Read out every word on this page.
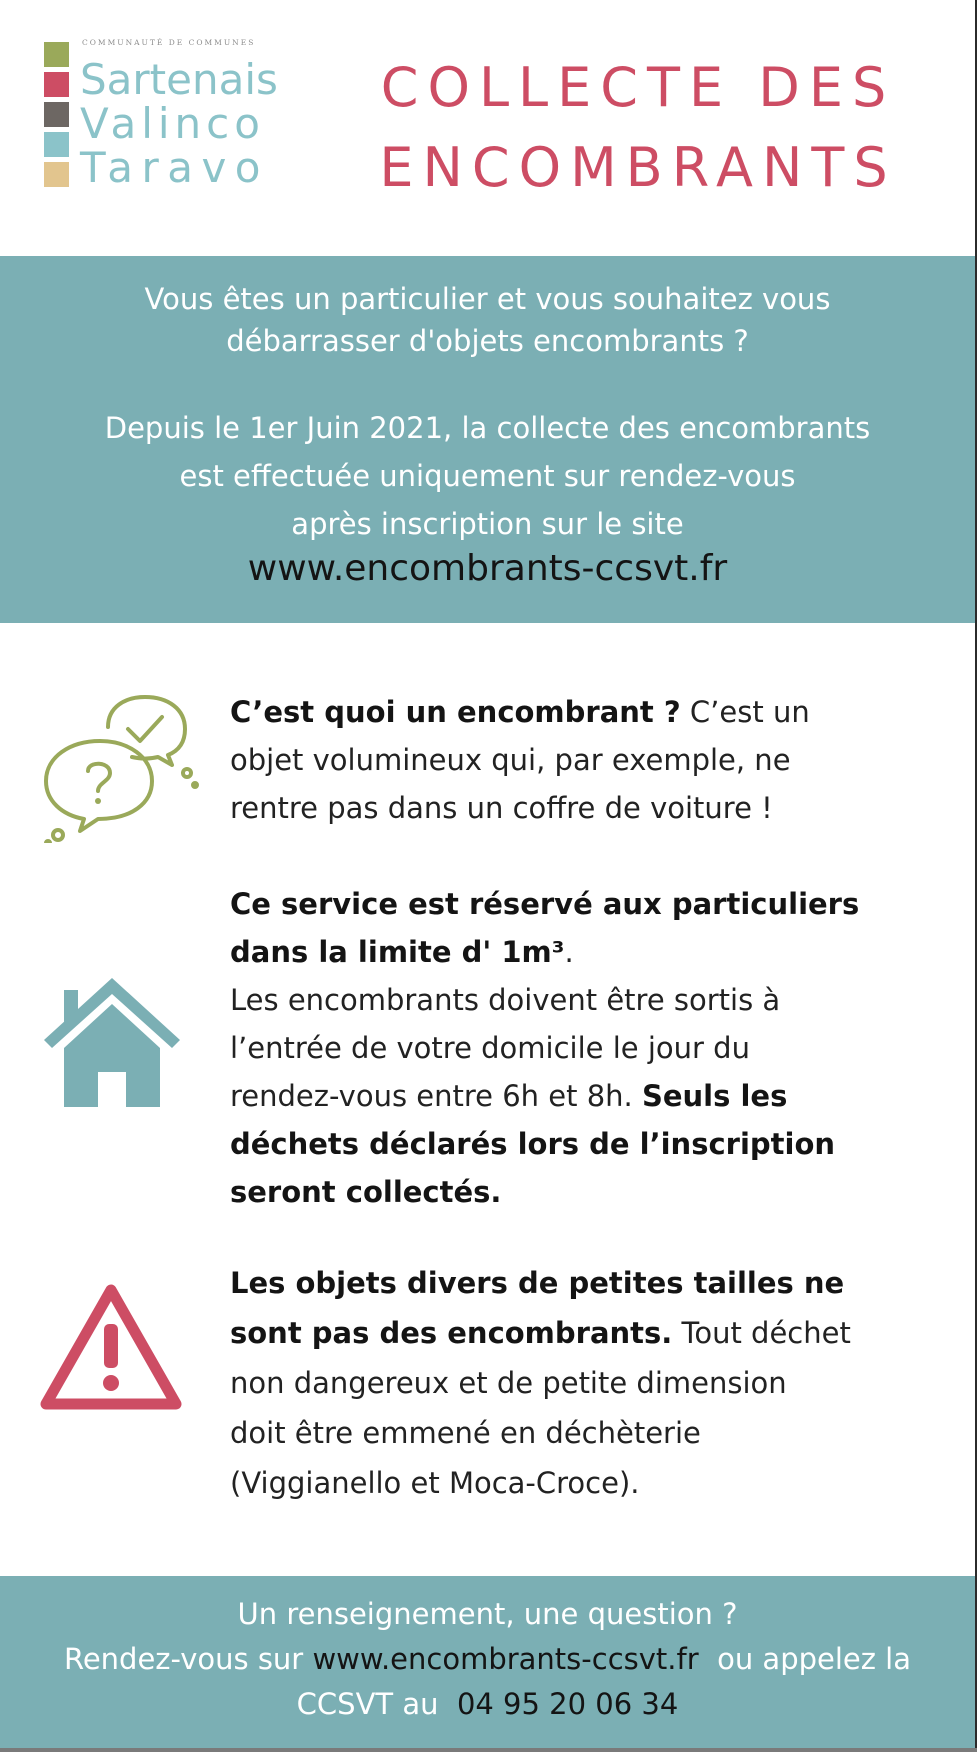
COMMUNAUTÉ DE COMMUNES
Sartenais
Valinco
Taravo
COLLECTE DES
ENCOMBRANTS
Vous êtes un particulier et vous souhaitez vous
débarrasser d'objets encombrants ?
Depuis le 1er Juin 2021, la collecte des encombrants
est effectuée uniquement sur rendez-vous
après inscription sur le site
www.encombrants-ccsvt.fr
C’est quoi un encombrant ? C’est un
objet volumineux qui, par exemple, ne
rentre pas dans un coffre de voiture !
Ce service est réservé aux particuliers
dans la limite d' 1m³.
Les encombrants doivent être sortis à
l’entrée de votre domicile le jour du
rendez-vous entre 6h et 8h. Seuls les
déchets déclarés lors de l’inscription
seront collectés.
Les objets divers de petites tailles ne
sont pas des encombrants. Tout déchet
non dangereux et de petite dimension
doit être emmené en déchèterie
(Viggianello et Moca-Croce).
Un renseignement, une question ?
Rendez-vous sur www.encombrants-ccsvt.fr  ou appelez la
CCSVT au  04 95 20 06 34
